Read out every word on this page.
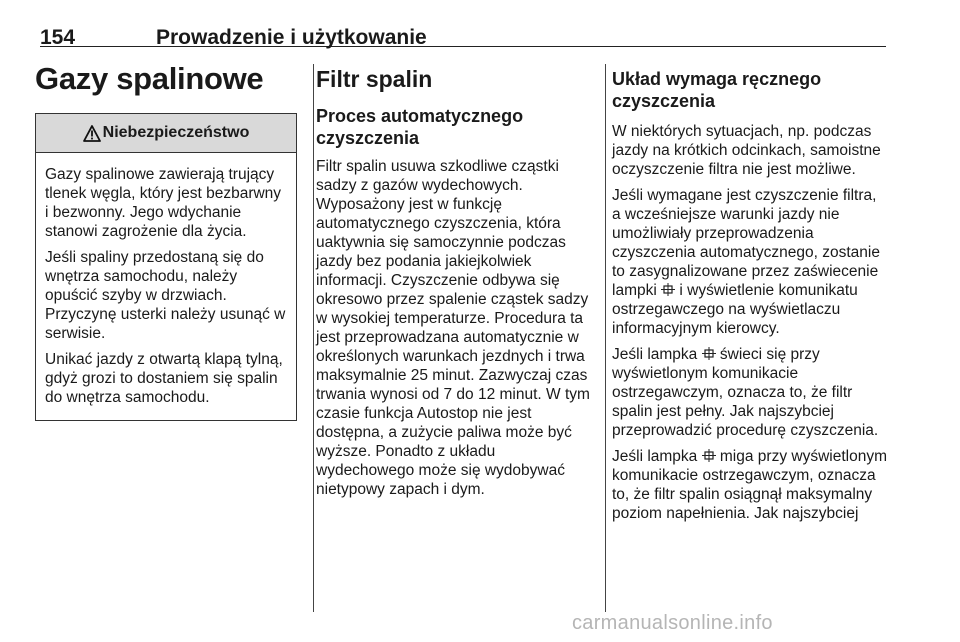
154	Prowadzenie i użytkowanie
Gazy spalinowe
Niebezpieczeństwo

Gazy spalinowe zawierają trujący tlenek węgla, który jest bezbarwny i bezwonny. Jego wdychanie stanowi zagrożenie dla życia.

Jeśli spaliny przedostaną się do wnętrza samochodu, należy opuścić szyby w drzwiach. Przyczynę usterki należy usunąć w serwisie.

Unikać jazdy z otwartą klapą tylną, gdyż grozi to dostaniem się spalin do wnętrza samochodu.

Filtr spalin
Proces automatycznego czyszczenia

Filtr spalin usuwa szkodliwe cząstki sadzy z gazów wydechowych. Wyposażony jest w funkcję automatycznego czyszczenia, która uaktywnia się samoczynnie podczas jazdy bez podania jakiejkolwiek informacji. Czyszczenie odbywa się okresowo przez spalenie cząstek sadzy w wysokiej temperaturze. Procedura ta jest przeprowadzana automatycznie w określonych warunkach jezdnych i trwa maksymalnie 25 minut. Zazwyczaj czas trwania wynosi od 7 do 12 minut. W tym czasie funkcja Autostop nie jest dostępna, a zużycie paliwa może być wyższe. Ponadto z układu wydechowego może się wydobywać nietypowy zapach i dym.

Układ wymaga ręcznego czyszczenia

W niektórych sytuacjach, np. podczas jazdy na krótkich odcinkach, samoistne oczyszczenie filtra nie jest możliwe.

Jeśli wymagane jest czyszczenie filtra, a wcześniejsze warunki jazdy nie umożliwiały przeprowadzenia czyszczenia automatycznego, zostanie to zasygnalizowane przez zaświecenie lampki  i wyświetlenie komunikatu ostrzegawczego na wyświetlaczu informacyjnym kierowcy.

Jeśli lampka  świeci się przy wyświetlonym komunikacie ostrzegawczym, oznacza to, że filtr spalin jest pełny. Jak najszybciej przeprowadzić procedurę czyszczenia.

Jeśli lampka  miga przy wyświetlonym komunikacie ostrzegawczym, oznacza to, że filtr spalin osiągnął maksymalny poziom napełnienia. Jak najszybciej

carmanualsonline.info
